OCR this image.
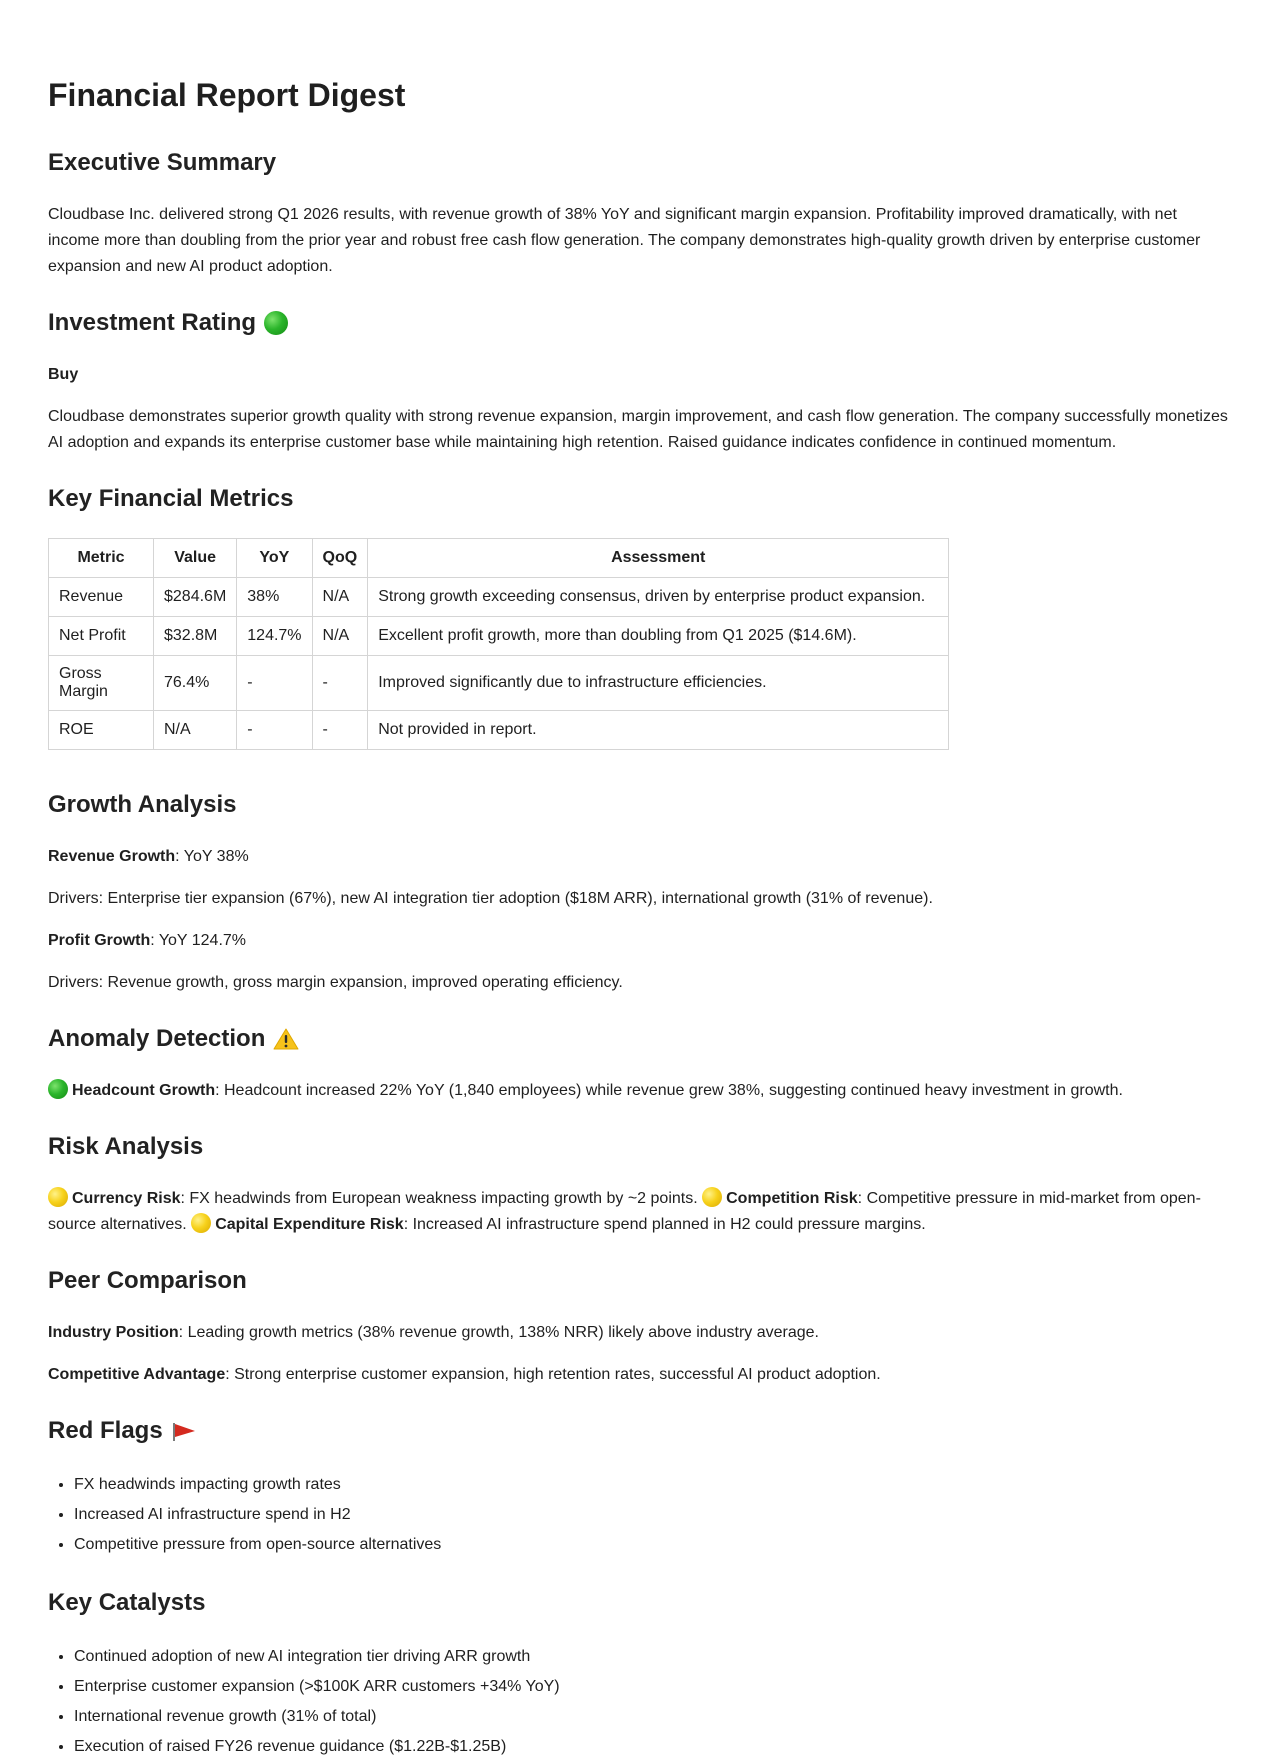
Financial Report Digest
Executive Summary

Cloudbase Inc. delivered strong Q1 2026 results, with revenue growth of 38% YoY and significant margin expansion. Profitability improved dramatically, with net income more than doubling from the prior year and robust free cash flow generation. The company demonstrates high-quality growth driven by enterprise customer expansion and new AI product adoption.

Investment Rating

Buy

Cloudbase demonstrates superior growth quality with strong revenue expansion, margin improvement, and cash flow generation. The company successfully monetizes AI adoption and expands its enterprise customer base while maintaining high retention. Raised guidance indicates confidence in continued momentum.

Key Financial Metrics
Metric	Value	YoY	QoQ	Assessment
Revenue	$284.6M	38%	N/A	Strong growth exceeding consensus, driven by enterprise product expansion.
Net Profit	$32.8M	124.7%	N/A	Excellent profit growth, more than doubling from Q1 2025 ($14.6M).
Gross Margin	76.4%	-	-	Improved significantly due to infrastructure efficiencies.
ROE	N/A	-	-	Not provided in report.
Growth Analysis

Revenue Growth: YoY 38%

Drivers: Enterprise tier expansion (67%), new AI integration tier adoption ($18M ARR), international growth (31% of revenue).

Profit Growth: YoY 124.7%

Drivers: Revenue growth, gross margin expansion, improved operating efficiency.

Anomaly Detection

Headcount Growth: Headcount increased 22% YoY (1,840 employees) while revenue grew 38%, suggesting continued heavy investment in growth.

Risk Analysis

Currency Risk: FX headwinds from European weakness impacting growth by ~2 points. Competition Risk: Competitive pressure in mid-market from open-source alternatives. Capital Expenditure Risk: Increased AI infrastructure spend planned in H2 could pressure margins.

Peer Comparison

Industry Position: Leading growth metrics (38% revenue growth, 138% NRR) likely above industry average.

Competitive Advantage: Strong enterprise customer expansion, high retention rates, successful AI product adoption.

Red Flags
• FX headwinds impacting growth rates
• Increased AI infrastructure spend in H2
• Competitive pressure from open-source alternatives
Key Catalysts
• Continued adoption of new AI integration tier driving ARR growth
• Enterprise customer expansion (>$100K ARR customers +34% YoY)
• International revenue growth (31% of total)
• Execution of raised FY26 revenue guidance ($1.22B-$1.25B)
